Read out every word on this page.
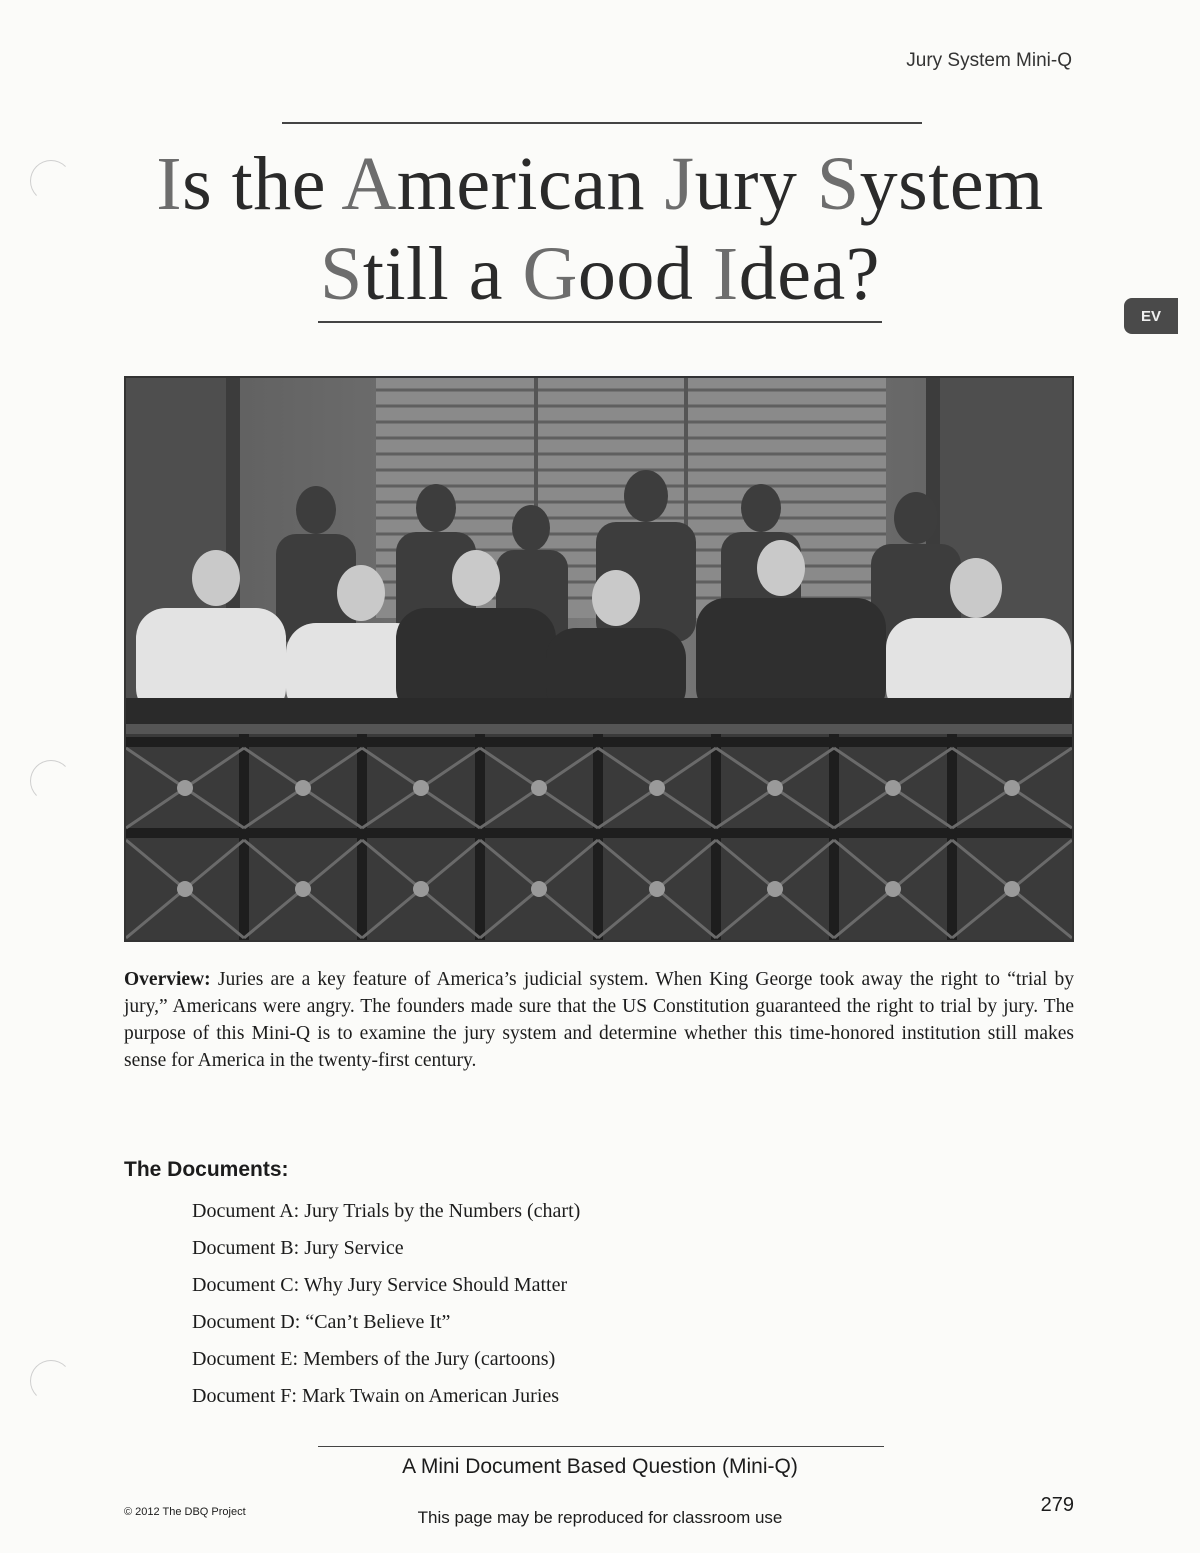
Jury System Mini-Q
Is the American Jury System
Still a Good Idea?	EV
Overview: Juries are a key feature of America’s judicial system. When King George took away the right to “trial by jury,” Americans were angry. The founders made sure that the US Constitution guaranteed the right to trial by jury. The purpose of this Mini-Q is to examine the jury system and determine whether this time-honored institution still makes sense for America in the twenty-first century.
The Documents:
Document A: Jury Trials by the Numbers (chart)
Document B: Jury Service
Document C: Why Jury Service Should Matter
Document D: “Can’t Believe It”
Document E: Members of the Jury (cartoons)
Document F: Mark Twain on American Juries
A Mini Document Based Question (Mini-Q)
© 2012 The DBQ Project	This page may be reproduced for classroom use
279
